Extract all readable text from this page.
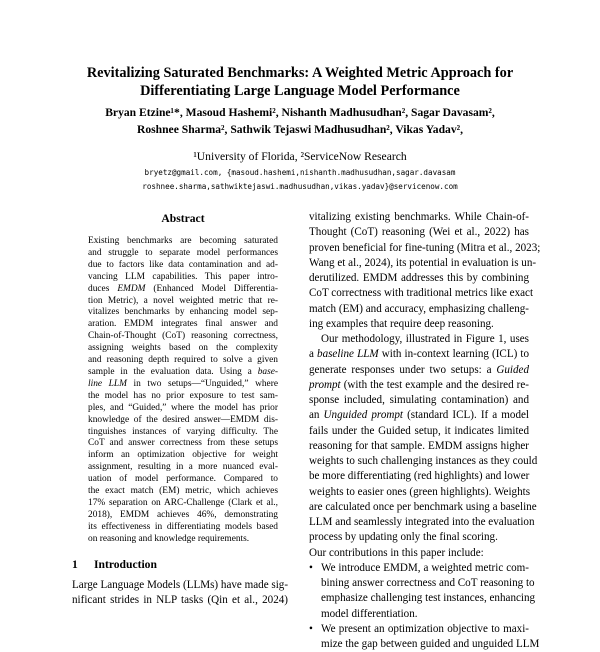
Revitalizing Saturated Benchmarks: A Weighted Metric Approach for
Differentiating Large Language Model Performance
Bryan Etzine¹*, Masoud Hashemi², Nishanth Madhusudhan², Sagar Davasam²,
Roshnee Sharma², Sathwik Tejaswi Madhusudhan², Vikas Yadav²,
¹University of Florida, ²ServiceNow Research
bryetz@gmail.com, {masoud.hashemi,nishanth.madhusudhan,sagar.davasam
roshnee.sharma,sathwiktejaswi.madhusudhan,vikas.yadav}@servicenow.com
Abstract
Existing benchmarks are becoming saturated
and struggle to separate model performances
due to factors like data contamination and ad-
vancing LLM capabilities. This paper intro-
duces EMDM (Enhanced Model Differentia-
tion Metric), a novel weighted metric that re-
vitalizes benchmarks by enhancing model sep-
aration. EMDM integrates final answer and
Chain-of-Thought (CoT) reasoning correctness,
assigning weights based on the complexity
and reasoning depth required to solve a given
sample in the evaluation data. Using a base-
line LLM in two setups—“Unguided,” where
the model has no prior exposure to test sam-
ples, and “Guided,” where the model has prior
knowledge of the desired answer—EMDM dis-
tinguishes instances of varying difficulty. The
CoT and answer correctness from these setups
inform an optimization objective for weight
assignment, resulting in a more nuanced eval-
uation of model performance. Compared to
the exact match (EM) metric, which achieves
17% separation on ARC-Challenge (Clark et al.,
2018), EMDM achieves 46%, demonstrating
its effectiveness in differentiating models based
on reasoning and knowledge requirements.
1 Introduction
Large Language Models (LLMs) have made sig-
nificant strides in NLP tasks (Qin et al., 2024)
vitalizing existing benchmarks. While Chain-of-
Thought (CoT) reasoning (Wei et al., 2022) has
proven beneficial for fine-tuning (Mitra et al., 2023;
Wang et al., 2024), its potential in evaluation is un-
derutilized. EMDM addresses this by combining
CoT correctness with traditional metrics like exact
match (EM) and accuracy, emphasizing challeng-
ing examples that require deep reasoning.
Our methodology, illustrated in Figure 1, uses
a baseline LLM with in-context learning (ICL) to
generate responses under two setups: a Guided
prompt (with the test example and the desired re-
sponse included, simulating contamination) and
an Unguided prompt (standard ICL). If a model
fails under the Guided setup, it indicates limited
reasoning for that sample. EMDM assigns higher
weights to such challenging instances as they could
be more differentiating (red highlights) and lower
weights to easier ones (green highlights). Weights
are calculated once per benchmark using a baseline
LLM and seamlessly integrated into the evaluation
process by updating only the final scoring.
Our contributions in this paper include:
• We introduce EMDM, a weighted metric com-
bining answer correctness and CoT reasoning to
emphasize challenging test instances, enhancing
model differentiation.
• We present an optimization objective to maxi-
mize the gap between guided and unguided LLM
